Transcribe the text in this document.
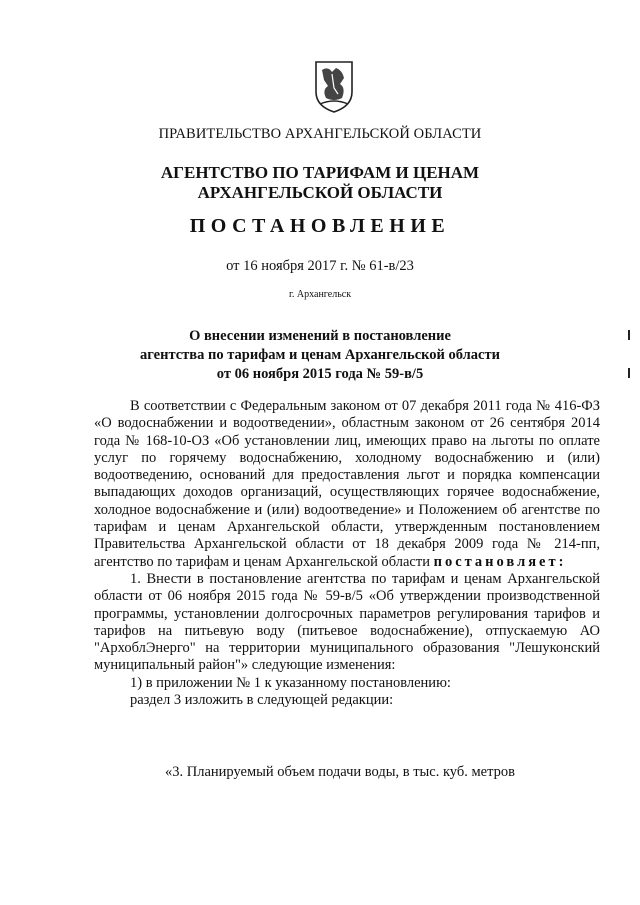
ПРАВИТЕЛЬСТВО АРХАНГЕЛЬСКОЙ ОБЛАСТИ
АГЕНТСТВО ПО ТАРИФАМ И ЦЕНАМ
АРХАНГЕЛЬСКОЙ ОБЛАСТИ
ПОСТАНОВЛЕНИЕ
от 16 ноября 2017 г. № 61-в/23
г. Архангельск
О внесении изменений в постановление
агентства по тарифам и ценам Архангельской области
от 06 ноября 2015 года № 59-в/5

В соответствии с Федеральным законом от 07 декабря 2011 года № 416-ФЗ «О водоснабжении и водоотведении», областным законом от 26 сентября 2014 года № 168-10-ОЗ «Об установлении лиц, имеющих право на льготы по оплате услуг по горячему водоснабжению, холодному водоснабжению и (или) водоотведению, оснований для предоставления льгот и порядка компенсации выпадающих доходов организаций, осуществляющих горячее водоснабжение, холодное водоснабжение и (или) водоотведение» и Положением об агентстве по тарифам и ценам Архангельской области, утвержденным постановлением Правительства Архангельской области от 18 декабря 2009 года № 214-пп, агентство по тарифам и ценам Архангельской области постановляет:

1. Внести в постановление агентства по тарифам и ценам Архангельской области от 06 ноября 2015 года № 59-в/5 «Об утверждении производственной программы, установлении долгосрочных параметров регулирования тарифов и тарифов на питьевую воду (питьевое водоснабжение), отпускаемую АО "АрхоблЭнерго" на территории муниципального образования "Лешуконский муниципальный район"» следующие изменения:

1) в приложении № 1 к указанному постановлению:

раздел 3 изложить в следующей редакции:

«3. Планируемый объем подачи воды, в тыс. куб. метров
